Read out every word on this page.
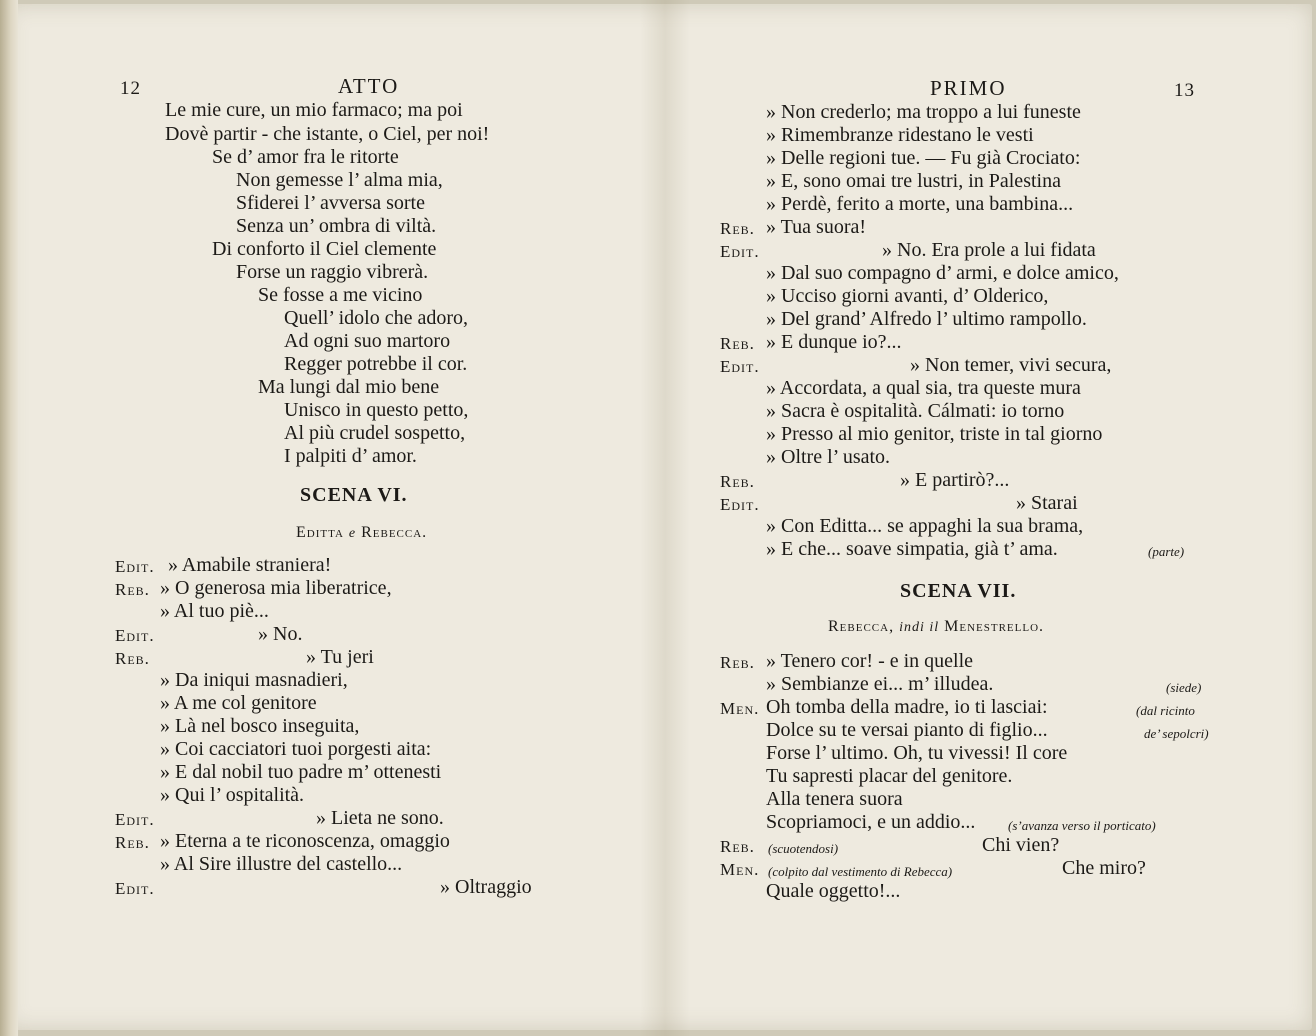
12	ATTO
Le mie cure, un mio farmaco; ma poi
Dovè partir - che istante, o Ciel, per noi!
Se d’ amor fra le ritorte
Non gemesse l’ alma mia,
Sfiderei l’ avversa sorte
Senza un’ ombra di viltà.
Di conforto il Ciel clemente
Forse un raggio vibrerà.
Se fosse a me vicino
Quell’ idolo che adoro,
Ad ogni suo martoro
Regger potrebbe il cor.
Ma lungi dal mio bene
Unisco in questo petto,
Al più crudel sospetto,
I palpiti d’ amor.
SCENA VI.
Editta e Rebecca.
Edit. » Amabile straniera!
Reb. » O generosa mia liberatrice,
» Al tuo piè...
Edit.	» No.
Reb.	» Tu jeri
» Da iniqui masnadieri,
» A me col genitore
» Là nel bosco inseguita,
» Coi cacciatori tuoi porgesti aita:
» E dal nobil tuo padre m’ ottenesti
» Qui l’ ospitalità.
Edit.	» Lieta ne sono.
Reb. » Eterna a te riconoscenza, omaggio
» Al Sire illustre del castello...
Edit.	» Oltraggio
PRIMO	13
» Non crederlo; ma troppo a lui funeste
» Rimembranze ridestano le vesti
» Delle regioni tue. — Fu già Crociato:
» E, sono omai tre lustri, in Palestina
» Perdè, ferito a morte, una bambina...
Reb. » Tua suora!
Edit.	» No. Era prole a lui fidata
» Dal suo compagno d’ armi, e dolce amico,
» Ucciso giorni avanti, d’ Olderico,
» Del grand’ Alfredo l’ ultimo rampollo.
Reb. » E dunque io?...
Edit.	» Non temer, vivi secura,
» Accordata, a qual sia, tra queste mura
» Sacra è ospitalità. Cálmati: io torno
» Presso al mio genitor, triste in tal giorno
» Oltre l’ usato.
Reb.	» E partirò?...
Edit.	» Starai
» Con Editta... se appaghi la sua brama,
» E che... soave simpatia, già t’ ama.	(parte)
SCENA VII.
Rebecca, indi il Menestrello.
Reb. » Tenero cor! - e in quelle
» Sembianze ei... m’ illudea.	(siede)
Men. Oh tomba della madre, io ti lasciai:	(dal ricinto
Dolce su te versai pianto di figlio...	de’ sepolcri)
Forse l’ ultimo. Oh, tu vivessi! Il core
Tu sapresti placar del genitore.
Alla tenera suora
Scopriamoci, e un addio...	(s’avanza verso il porticato)
Reb. (scuotendosi)	Chi vien?
Men. (colpito dal vestimento di Rebecca)	Che miro?
Quale oggetto!...
